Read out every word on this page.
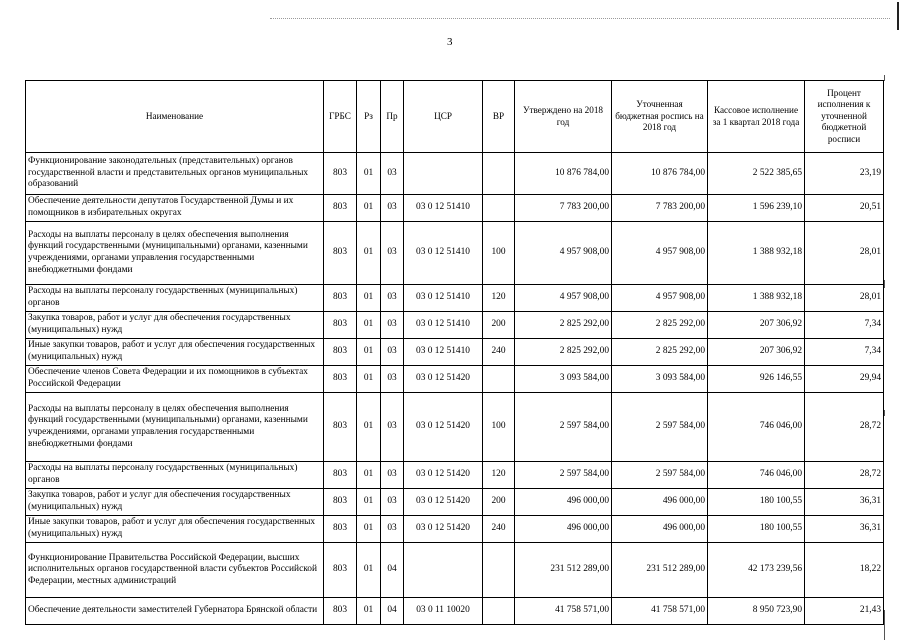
3
Наименование	ГРБС	Рз	Пр	ЦСР	ВР	Утверждено на 2018 год	Уточненная бюджетная роспись на 2018 год	Кассовое исполнение за 1 квартал 2018 года	Процент исполнения к уточненной бюджетной росписи
Функционирование законодательных (представительных) органов государственной власти и представительных органов муниципальных образований	803	01	03			10 876 784,00	10 876 784,00	2 522 385,65	23,19
Обеспечение деятельности депутатов Государственной Думы и их помощников в избирательных округах	803	01	03	03 0 12 51410		7 783 200,00	7 783 200,00	1 596 239,10	20,51
Расходы на выплаты персоналу в целях обеспечения выполнения функций государственными (муниципальными) органами, казенными учреждениями, органами управления государственными внебюджетными фондами	803	01	03	03 0 12 51410	100	4 957 908,00	4 957 908,00	1 388 932,18	28,01
Расходы на выплаты персоналу государственных (муниципальных) органов	803	01	03	03 0 12 51410	120	4 957 908,00	4 957 908,00	1 388 932,18	28,01
Закупка товаров, работ и услуг для обеспечения государственных (муниципальных) нужд	803	01	03	03 0 12 51410	200	2 825 292,00	2 825 292,00	207 306,92	7,34
Иные закупки товаров, работ и услуг для обеспечения государственных (муниципальных) нужд	803	01	03	03 0 12 51410	240	2 825 292,00	2 825 292,00	207 306,92	7,34
Обеспечение членов Совета Федерации и их помощников в субъектах Российской Федерации	803	01	03	03 0 12 51420		3 093 584,00	3 093 584,00	926 146,55	29,94
Расходы на выплаты персоналу в целях обеспечения выполнения функций государственными (муниципальными) органами, казенными учреждениями, органами управления государственными внебюджетными фондами	803	01	03	03 0 12 51420	100	2 597 584,00	2 597 584,00	746 046,00	28,72
Расходы на выплаты персоналу государственных (муниципальных) органов	803	01	03	03 0 12 51420	120	2 597 584,00	2 597 584,00	746 046,00	28,72
Закупка товаров, работ и услуг для обеспечения государственных (муниципальных) нужд	803	01	03	03 0 12 51420	200	496 000,00	496 000,00	180 100,55	36,31
Иные закупки товаров, работ и услуг для обеспечения государственных (муниципальных) нужд	803	01	03	03 0 12 51420	240	496 000,00	496 000,00	180 100,55	36,31
Функционирование Правительства Российской Федерации, высших исполнительных органов государственной власти субъектов Российской Федерации, местных администраций	803	01	04			231 512 289,00	231 512 289,00	42 173 239,56	18,22
Обеспечение деятельности заместителей Губернатора Брянской области	803	01	04	03 0 11 10020		41 758 571,00	41 758 571,00	8 950 723,90	21,43
